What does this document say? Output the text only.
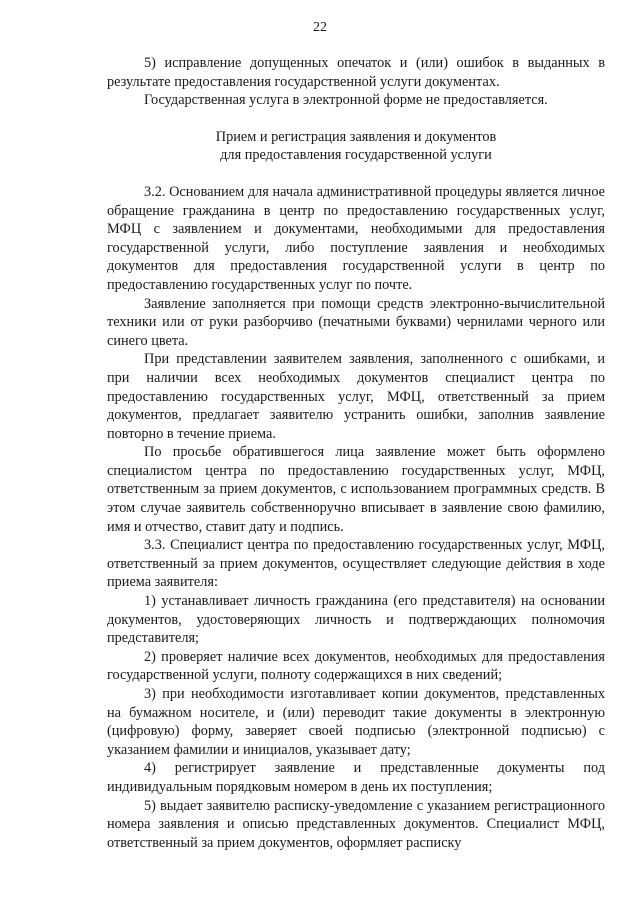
22

5) исправление допущенных опечаток и (или) ошибок в выданных в результате предоставления государственной услуги документах.

Государственная услуга в электронной форме не предоставляется.

Прием и регистрация заявления и документов
для предоставления государственной услуги

3.2. Основанием для начала административной процедуры является личное обращение гражданина в центр по предоставлению государственных услуг, МФЦ с заявлением и документами, необходимыми для предоставления государственной услуги, либо поступление заявления и необходимых документов для предоставления государственной услуги в центр по предоставлению государственных услуг по почте.

Заявление заполняется при помощи средств электронно-вычислительной техники или от руки разборчиво (печатными буквами) чернилами черного или синего цвета.

При представлении заявителем заявления, заполненного с ошибками, и при наличии всех необходимых документов специалист центра по предоставлению государственных услуг, МФЦ, ответственный за прием документов, предлагает заявителю устранить ошибки, заполнив заявление повторно в течение приема.

По просьбе обратившегося лица заявление может быть оформлено специалистом центра по предоставлению государственных услуг, МФЦ, ответственным за прием документов, с использованием программных средств. В этом случае заявитель собственноручно вписывает в заявление свою фамилию, имя и отчество, ставит дату и подпись.

3.3. Специалист центра по предоставлению государственных услуг, МФЦ, ответственный за прием документов, осуществляет следующие действия в ходе приема заявителя:

1) устанавливает личность гражданина (его представителя) на основании документов, удостоверяющих личность и подтверждающих полномочия представителя;

2) проверяет наличие всех документов, необходимых для предоставления государственной услуги, полноту содержащихся в них сведений;

3) при необходимости изготавливает копии документов, представленных на бумажном носителе, и (или) переводит такие документы в электронную (цифровую) форму, заверяет своей подписью (электронной подписью) с указанием фамилии и инициалов, указывает дату;

4) регистрирует заявление и представленные документы под индивидуальным порядковым номером в день их поступления;

5) выдает заявителю расписку-уведомление с указанием регистрационного номера заявления и описью представленных документов. Специалист МФЦ, ответственный за прием документов, оформляет расписку
